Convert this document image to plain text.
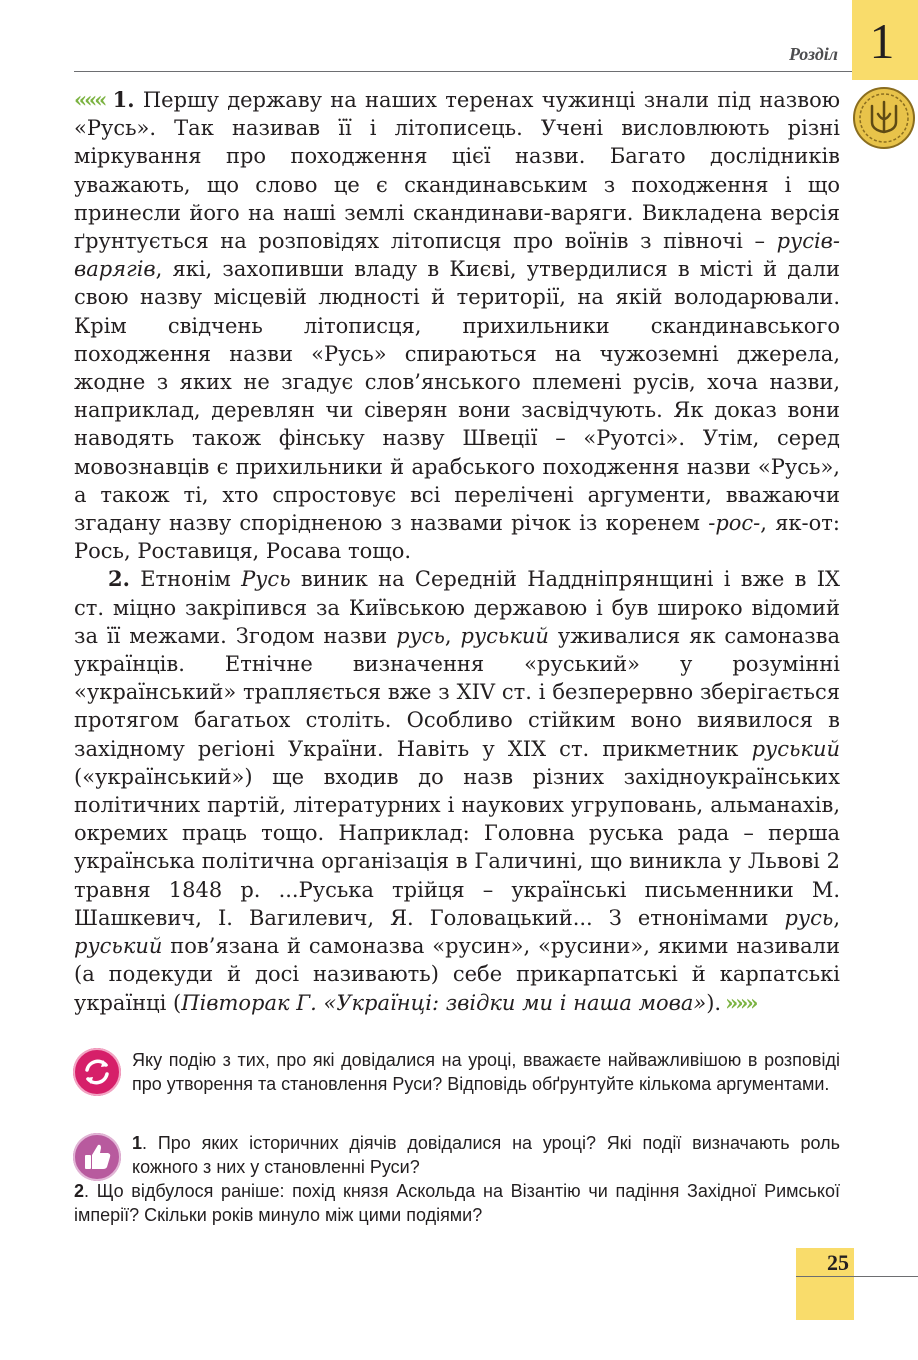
Розділ 1

««« 1. Першу державу на наших теренах чужинці знали під назвою «Русь». Так називав її і літописець. Учені висловлюють різні міркування про походження цієї назви. Багато дослідників уважають, що слово це є скандинавським з походження і що принесли його на наші землі скандинави-варяги. Викладена версія ґрунтується на розповідях літописця про воїнів з півночі – русів-варягів, які, захопивши владу в Києві, утвердилися в місті й дали свою назву місцевій людності й території, на якій володарювали. Крім свідчень літописця, прихильники скандинавського походження назви «Русь» спираються на чужоземні джерела, жодне з яких не згадує слов’янського племені русів, хоча назви, наприклад, деревлян чи сіверян вони засвідчують. Як доказ вони наводять також фінську назву Швеції – «Руотсі». Утім, серед мовознавців є прихильники й арабського походження назви «Русь», а також ті, хто спростовує всі перелічені аргументи, вважаючи згадану назву спорідненою з назвами річок із коренем -рос-, як-от: Рось, Роставиця, Росава тощо.

2. Етнонім Русь виник на Середній Наддніпрянщині і вже в IX ст. міцно закріпився за Київською державою і був широко відомий за її межами. Згодом назви русь, руський уживалися як самоназва українців. Етнічне визначення «руський» у розумінні «український» трапляється вже з XIV ст. і безперервно зберігається протягом багатьох століть. Особливо стійким воно виявилося в західному регіоні України. Навіть у XIX ст. прикметник руський («український») ще входив до назв різних західноукраїнських політичних партій, літературних і наукових угруповань, альманахів, окремих праць тощо. Наприклад: Головна руська рада – перша українська політична організація в Галичині, що виникла у Львові 2 травня 1848 р. ...Руська трійця – українські письменники М. Шашкевич, І. Вагилевич, Я. Головацький... З етнонімами русь, руський пов’язана й самоназва «русин», «русини», якими називали (а подекуди й досі називають) себе прикарпатські й карпатські українці (Півторак Г. «Українці: звідки ми і наша мова»). »»»

Яку подію з тих, про які довідалися на уроці, вважаєте найважливішою в розповіді про утворення та становлення Руси? Відповідь обґрунтуйте кількома аргументами.
1. Про яких історичних діячів довідалися на уроці? Які події визначають роль кожного з них у становленні Руси?
2. Що відбулося раніше: похід князя Аскольда на Візантію чи падіння Західної Римської імперії? Скільки років минуло між цими подіями?
25
